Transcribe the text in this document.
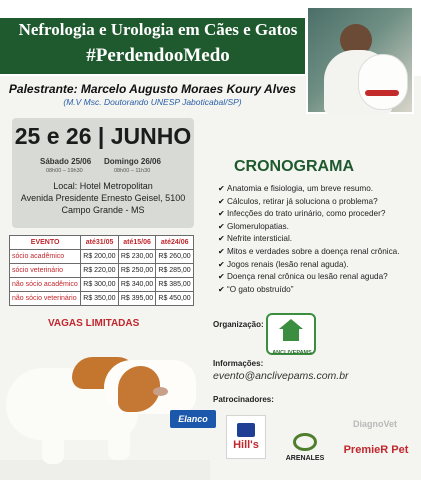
Nefrologia e Urologia em Cães e Gatos
#PerdendooMedo
Palestrante: Marcelo Augusto Moraes Koury Alves
(M.V Msc. Doutorando UNESP Jaboticabal/SP)
25 e 26 | JUNHO
Sábado 25/06
08h00 – 19h30
Domingo 26/06
08h00 – 11h30
Local: Hotel Metropolitan
Avenida Presidente Ernesto Geisel, 5100
Campo Grande - MS
EVENTO	até31/05	até15/06	até24/06
sócio acadêmico	R$ 200,00	R$ 230,00	R$ 260,00
sócio veterinário	R$ 220,00	R$ 250,00	R$ 285,00
não sócio acadêmico	R$ 300,00	R$ 340,00	R$ 385,00
não sócio veterinário	R$ 350,00	R$ 395,00	R$ 450,00
VAGAS LIMITADAS
CRONOGRAMA
✔ Anatomia e fisiologia, um breve resumo.
✔ Cálculos, retirar já soluciona o problema?
✔ Infecções do trato urinário, como proceder?
✔ Glomerulopatias.
✔ Nefrite intersticial.
✔ Mitos e verdades sobre a doença renal crônica.
✔ Jogos renais (lesão renal aguda).
✔ Doença renal crônica ou lesão renal aguda?
✔ “O gato obstruído”
Organização:
ANCLIVEPAMS
Informações:
evento@anclivepams.com.br
Patrocinadores:
Elanco
Hill's
ARENALES
DiagnoVet
PremieR Pet
